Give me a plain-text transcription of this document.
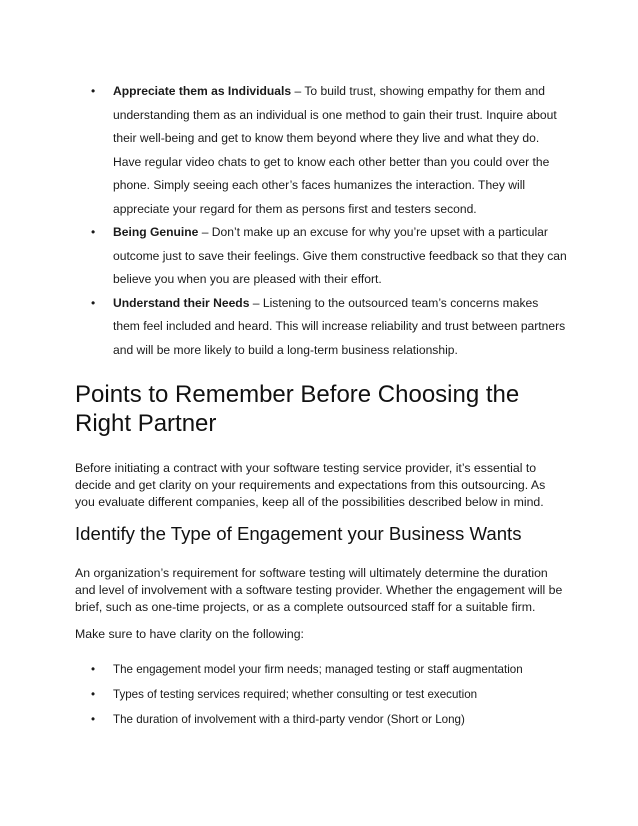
• Appreciate them as Individuals – To build trust, showing empathy for them and understanding them as an individual is one method to gain their trust. Inquire about their well-being and get to know them beyond where they live and what they do. Have regular video chats to get to know each other better than you could over the phone. Simply seeing each other’s faces humanizes the interaction. They will appreciate your regard for them as persons first and testers second.
• Being Genuine – Don’t make up an excuse for why you’re upset with a particular outcome just to save their feelings. Give them constructive feedback so that they can believe you when you are pleased with their effort.
• Understand their Needs – Listening to the outsourced team’s concerns makes them feel included and heard. This will increase reliability and trust between partners and will be more likely to build a long-term business relationship.
Points to Remember Before Choosing the Right Partner

Before initiating a contract with your software testing service provider, it’s essential to decide and get clarity on your requirements and expectations from this outsourcing. As you evaluate different companies, keep all of the possibilities described below in mind.

Identify the Type of Engagement your Business Wants

An organization’s requirement for software testing will ultimately determine the duration and level of involvement with a software testing provider. Whether the engagement will be brief, such as one-time projects, or as a complete outsourced staff for a suitable firm.

Make sure to have clarity on the following:

• The engagement model your firm needs; managed testing or staff augmentation
• Types of testing services required; whether consulting or test execution
• The duration of involvement with a third-party vendor (Short or Long)
